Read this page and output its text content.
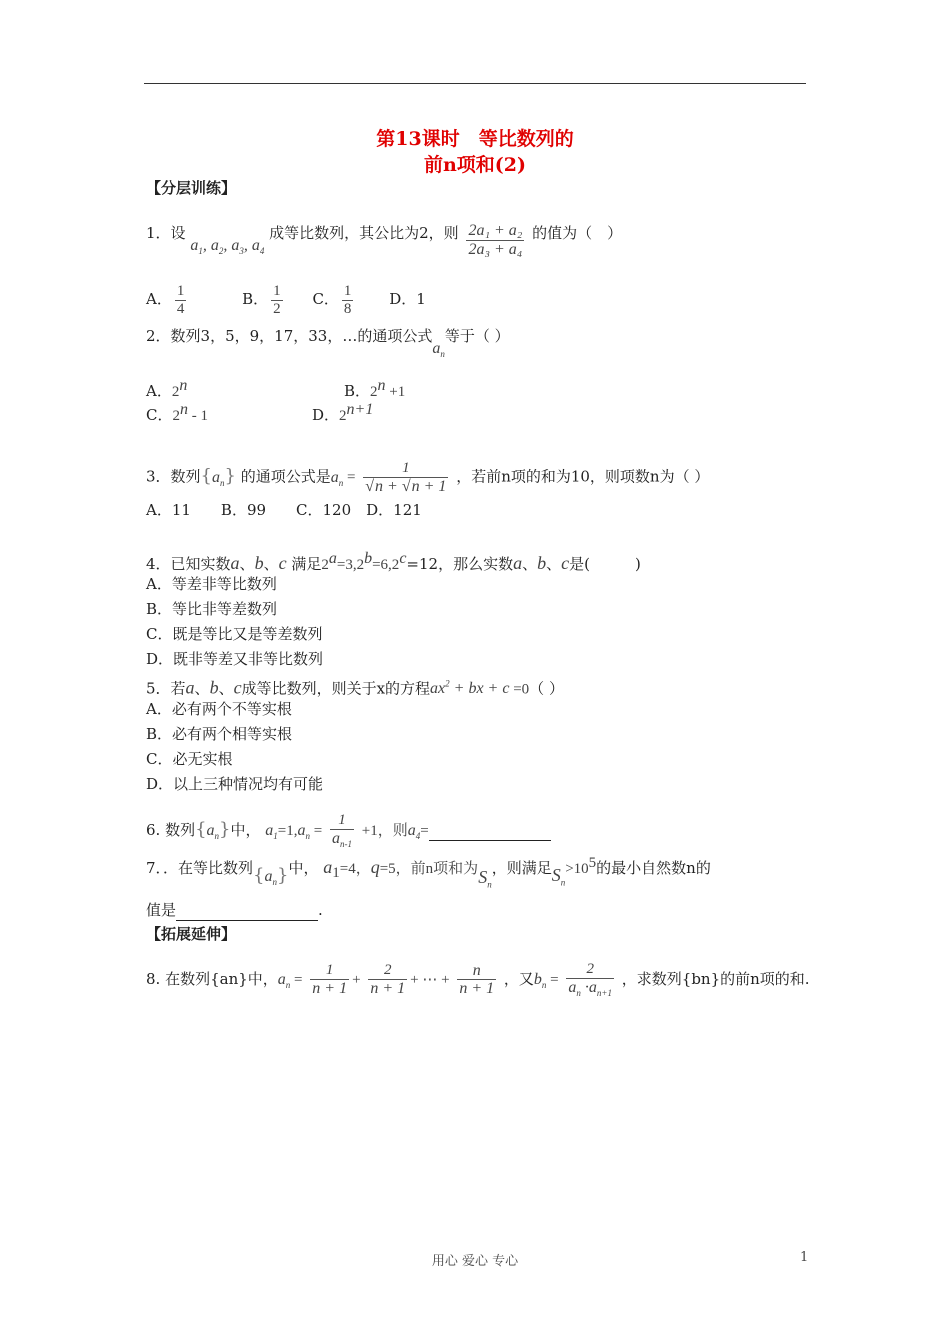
第13课时　等比数列的
前n项和(2)
【分层训练】
1．设 $a_1$, $a_2$, $a_3$, $a_4$ 成等比数列，其公比为2，则 $\frac{\text{2a₁ + a₂}}{\text{2a₃ + a₄}}$ 的值为（　）
A． $\frac{1}{4}$	B． $\frac{1}{2}$ C． $\frac{1}{8}$ D．1
2．数列3，5，9，17，33，…的通项公式$a_n$等于（ ）
A．2$^n$	B．$2^n +1$
C．2$^n$ - 1	D．$2^{n+1}$
3．数列$\{a_n\}$ 的通项公式是$a_n = \frac{1}{√n + √n + 1}$ ，若前n项的和为10，则项数n为（ ）
A．11　　B．99　　C．120　D．121
4．已知实数a、b、c 满足$2^a=3,2^b=6,2^c=12$，那么实数a、b、c是(　　　)
A．等差非等比数列
B．等比非等差数列
C．既是等比又是等差数列
D．既非等差又非等比数列
5．若a、b、c成等比数列，则关于x的方程$ax^2$ + bx + c =0（ ）
A．必有两个不等实根
B．必有两个相等实根
C．必无实根
D．以上三种情况均有可能
6. 数列$\{a_n\}$中， $a_1=1,a_n = \frac{1}{a_{n-1}} +1$，则$a_4=$
7．．在等比数列$\{a_n\}$中， $a_1=4$，q=5，前n项和为$S_n$，则满足$S_n>10^5$的最小自然数n的
值是	.
【拓展延伸】
8. 在数列{an}中，$a_n = \frac{1}{n + 1} + \frac{2}{n + 1}$ + ⋯ + $\frac{n}{n + 1}$ ，又$b_n = \frac{2}{a_n \cdot a_{n+1}}$ ，求数列{bn}的前n项的和.
用心 爱心 专心	1
